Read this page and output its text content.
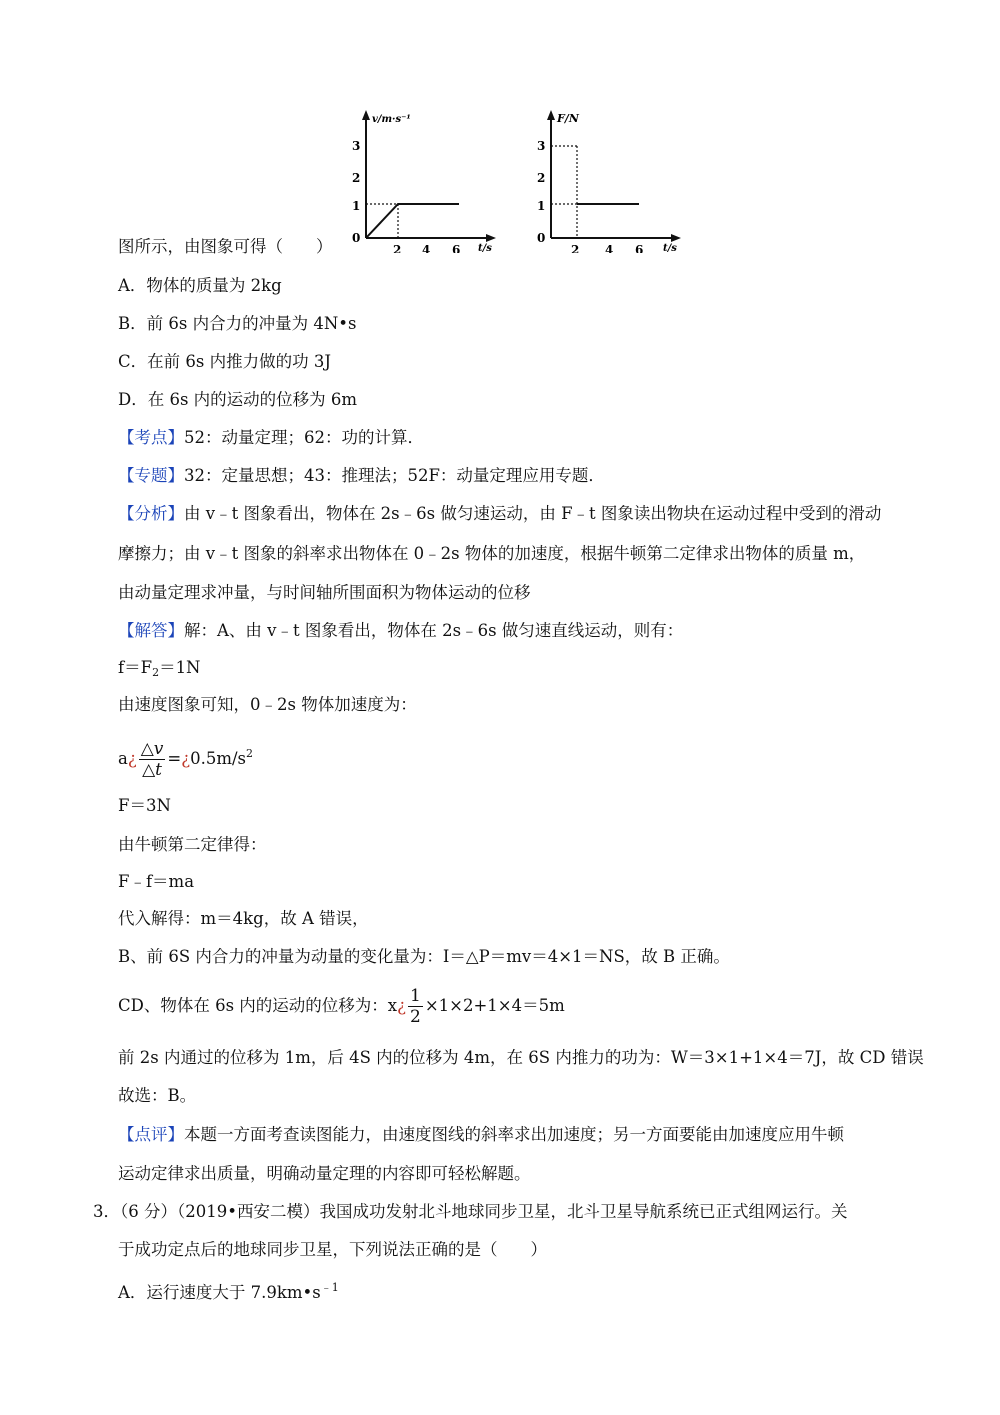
v/m·s⁻¹
t/s
3
2
1
0
2 4 6
F/N
t/s
3
2
1
0
2 4 6
图所示，由图象可得（　　）
A．物体的质量为 2kg
B．前 6s 内合力的冲量为 4N•s
C．在前 6s 内推力做的功 3J
D．在 6s 内的运动的位移为 6m
【考点】52：动量定理；62：功的计算．
【专题】32：定量思想；43：推理法；52F：动量定理应用专题．
【分析】由 v﹣t 图象看出，物体在 2s﹣6s 做匀速运动，由 F﹣t 图象读出物块在运动过程中受到的滑动
摩擦力；由 v﹣t 图象的斜率求出物体在 0﹣2s 物体的加速度，根据牛顿第二定律求出物体的质量 m，
由动量定理求冲量，与时间轴所围面积为物体运动的位移
【解答】解：A、由 v﹣t 图象看出，物体在 2s﹣6s 做匀速直线运动，则有：
$f=F_2=1N$
由速度图象可知，0﹣2s 物体加速度为：
a¿ $\frac{\triangle v}{\triangle t}$ $=¿0.5m/s^2$
F＝3N
由牛顿第二定律得：
F﹣f＝ma
代入解得：m＝4kg，故 A 错误，
B、前 6S 内合力的冲量为动量的变化量为：I＝△P＝mv＝4×1＝NS，故 B 正确。
CD、物体在 6s 内的运动的位移为：x¿ $\frac{1}{2} \times 1\times 2+1\times 4=5m$
前 2s 内通过的位移为 1m，后 4S 内的位移为 4m，在 6S 内推力的功为：W＝3×1+1×4＝7J，故 CD 错误
故选：B。
【点评】本题一方面考查读图能力，由速度图线的斜率求出加速度；另一方面要能由加速度应用牛顿
运动定律求出质量，明确动量定理的内容即可轻松解题。
3．（6 分）（2019•西安二模）我国成功发射北斗地球同步卫星，北斗卫星导航系统已正式组网运行。关
于成功定点后的地球同步卫星，下列说法正确的是（　　）
A．运行速度大于 $7.9km•s^{﹣1}$
